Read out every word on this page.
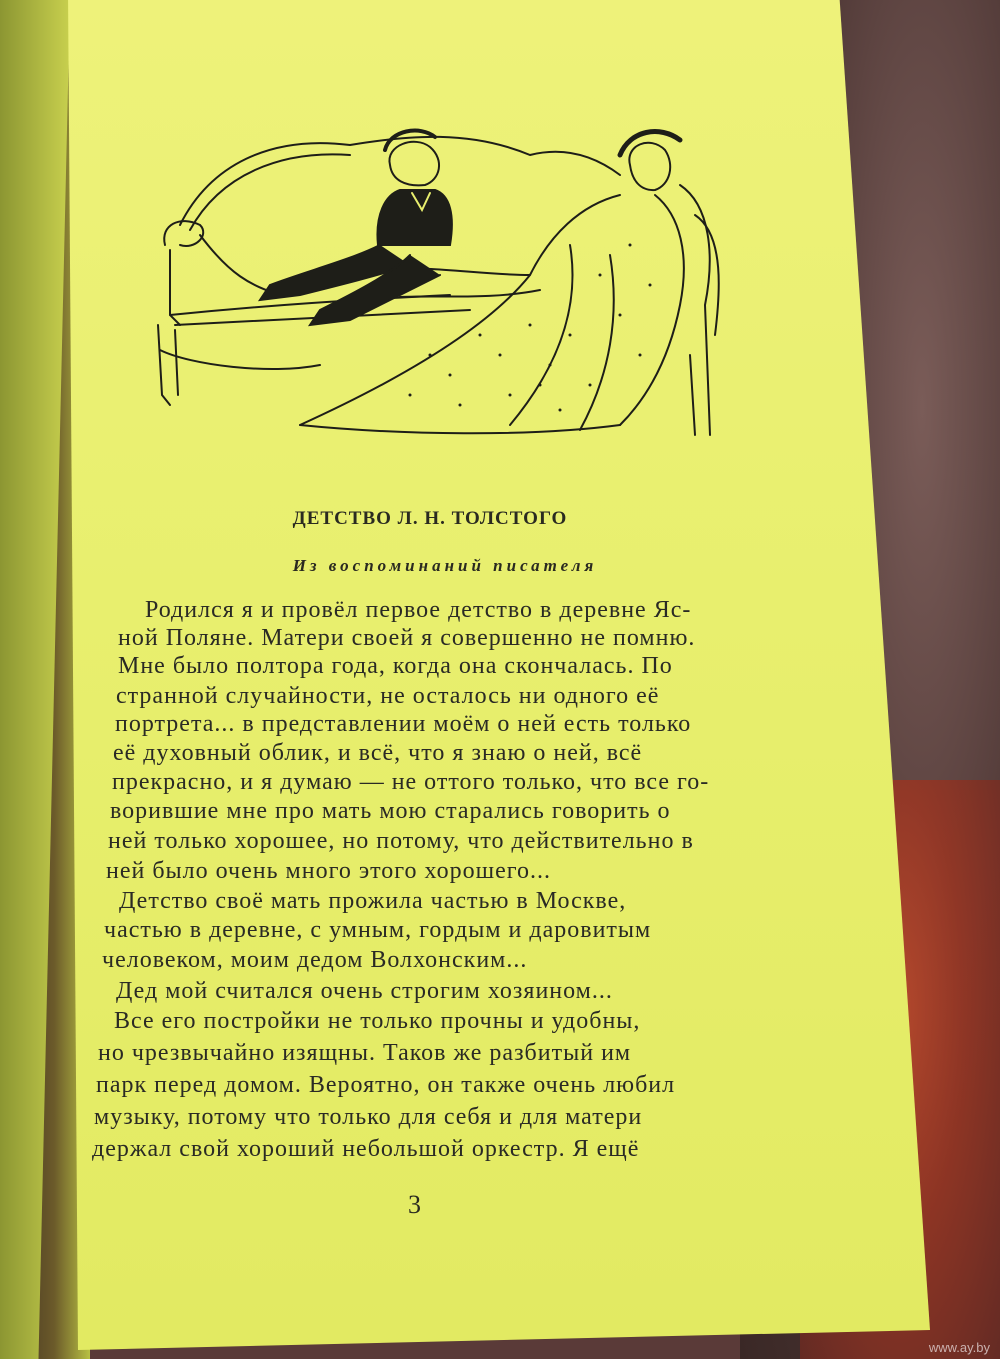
ДЕТСТВО Л. Н. ТОЛСТОГО
Из воспоминаний писателя
Родился я и провёл первое детство в деревне Яс-
ной Поляне. Матери своей я совершенно не помню.
Мне было полтора года, когда она скончалась. По
странной случайности, не осталось ни одного её
портрета... в представлении моём о ней есть только
её духовный облик, и всё, что я знаю о ней, всё
прекрасно, и я думаю — не оттого только, что все го-
ворившие мне про мать мою старались говорить о
ней только хорошее, но потому, что действительно в
ней было очень много этого хорошего...
Детство своё мать прожила частью в Москве,
частью в деревне, с умным, гордым и даровитым
человеком, моим дедом Волхонским...
Дед мой считался очень строгим хозяином...
Все его постройки не только прочны и удобны,
но чрезвычайно изящны. Таков же разбитый им
парк перед домом. Вероятно, он также очень любил
музыку, потому что только для себя и для матери
держал свой хороший небольшой оркестр. Я ещё
3
www.ay.by
